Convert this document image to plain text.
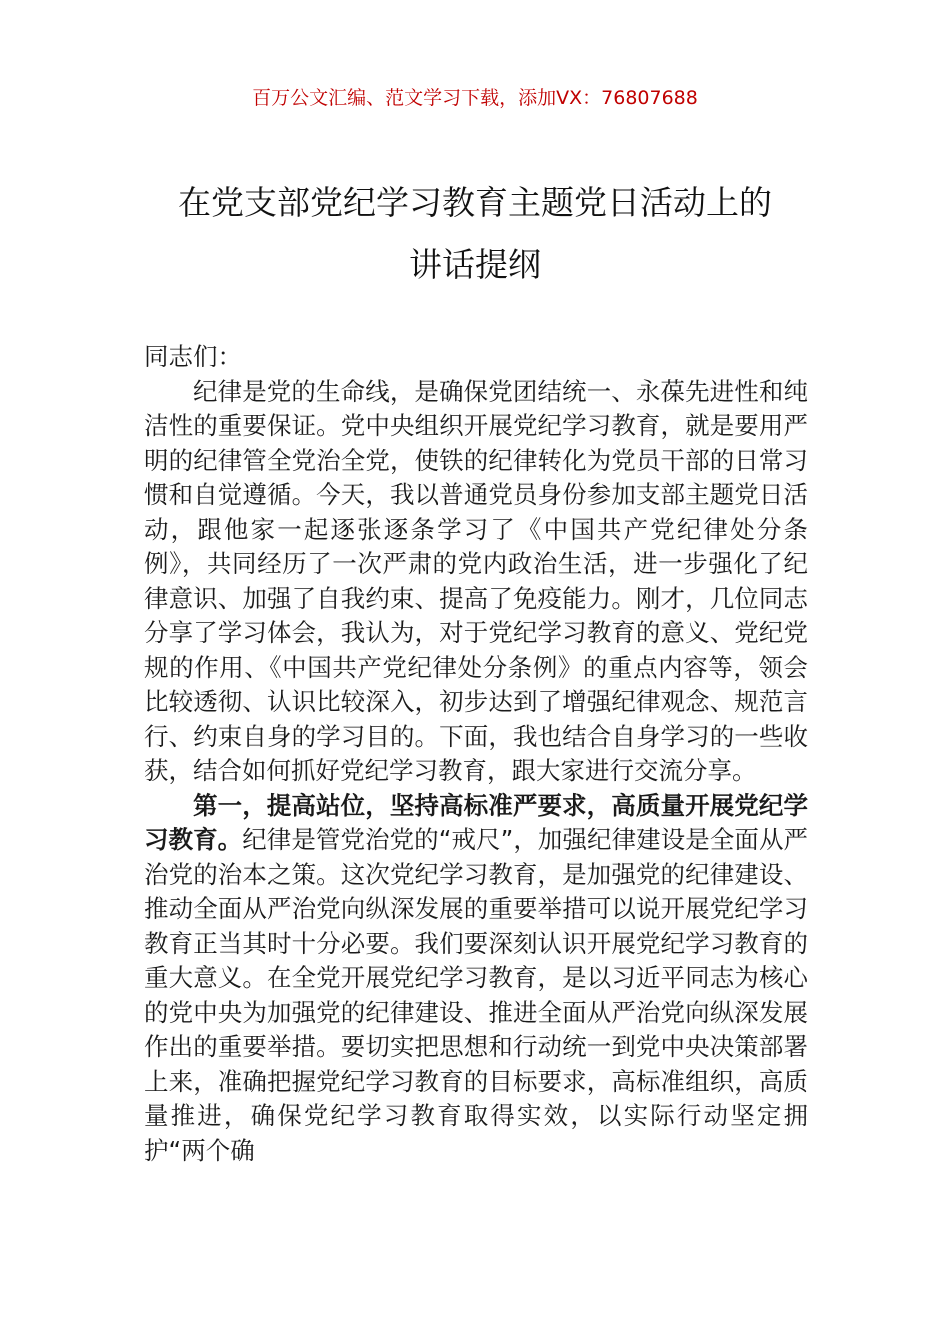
百万公文汇编、范文学习下载，添加VX：76807688
在党支部党纪学习教育主题党日活动上的
讲话提纲

同志们：

纪律是党的生命线，是确保党团结统一、永葆先进性和纯洁性的重要保证。党中央组织开展党纪学习教育，就是要用严明的纪律管全党治全党，使铁的纪律转化为党员干部的日常习惯和自觉遵循。今天，我以普通党员身份参加支部主题党日活动，跟他家一起逐张逐条学习了《中国共产党纪律处分条例》，共同经历了一次严肃的党内政治生活，进一步强化了纪律意识、加强了自我约束、提高了免疫能力。刚才，几位同志分享了学习体会，我认为，对于党纪学习教育的意义、党纪党规的作用、《中国共产党纪律处分条例》的重点内容等，领会比较透彻、认识比较深入，初步达到了增强纪律观念、规范言行、约束自身的学习目的。下面，我也结合自身学习的一些收获，结合如何抓好党纪学习教育，跟大家进行交流分享。

第一，提高站位，坚持高标准严要求，高质量开展党纪学习教育。纪律是管党治党的“戒尺”，加强纪律建设是全面从严治党的治本之策。这次党纪学习教育，是加强党的纪律建设、推动全面从严治党向纵深发展的重要举措可以说开展党纪学习教育正当其时十分必要。我们要深刻认识开展党纪学习教育的重大意义。在全党开展党纪学习教育，是以习近平同志为核心的党中央为加强党的纪律建设、推进全面从严治党向纵深发展作出的重要举措。要切实把思想和行动统一到党中央决策部署上来，准确把握党纪学习教育的目标要求，高标准组织，高质量推进，确保党纪学习教育取得实效，以实际行动坚定拥护“两个确
